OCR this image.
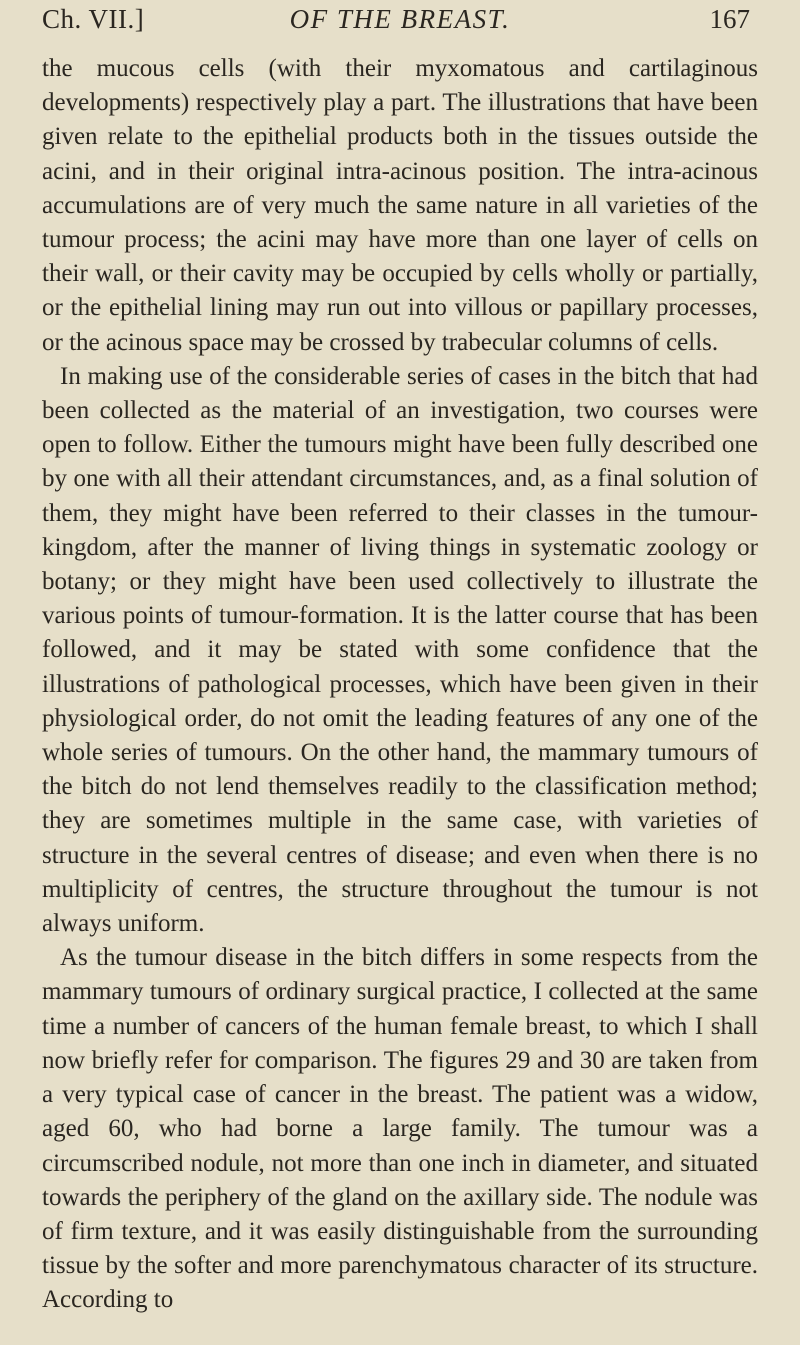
Ch. VII.]	OF THE BREAST.	167

the mucous cells (with their myxomatous and cartilaginous developments) respectively play a part. The illustrations that have been given relate to the epithelial products both in the tissues outside the acini, and in their original intra-acinous position. The intra-acinous accumulations are of very much the same nature in all varieties of the tumour process; the acini may have more than one layer of cells on their wall, or their cavity may be occupied by cells wholly or partially, or the epithelial lining may run out into villous or papillary processes, or the acinous space may be crossed by trabecular columns of cells.

In making use of the considerable series of cases in the bitch that had been collected as the material of an investigation, two courses were open to follow. Either the tumours might have been fully described one by one with all their attendant circumstances, and, as a final solution of them, they might have been referred to their classes in the tumour-kingdom, after the manner of living things in systematic zoology or botany; or they might have been used collectively to illustrate the various points of tumour-formation. It is the latter course that has been followed, and it may be stated with some confidence that the illustrations of pathological processes, which have been given in their physiological order, do not omit the leading features of any one of the whole series of tumours. On the other hand, the mammary tumours of the bitch do not lend themselves readily to the classification method; they are sometimes multiple in the same case, with varieties of structure in the several centres of disease; and even when there is no multiplicity of centres, the structure throughout the tumour is not always uniform.

As the tumour disease in the bitch differs in some respects from the mammary tumours of ordinary surgical practice, I collected at the same time a number of cancers of the human female breast, to which I shall now briefly refer for comparison. The figures 29 and 30 are taken from a very typical case of cancer in the breast. The patient was a widow, aged 60, who had borne a large family. The tumour was a circumscribed nodule, not more than one inch in diameter, and situated towards the periphery of the gland on the axillary side. The nodule was of firm texture, and it was easily distinguishable from the surrounding tissue by the softer and more parenchymatous character of its structure. According to
